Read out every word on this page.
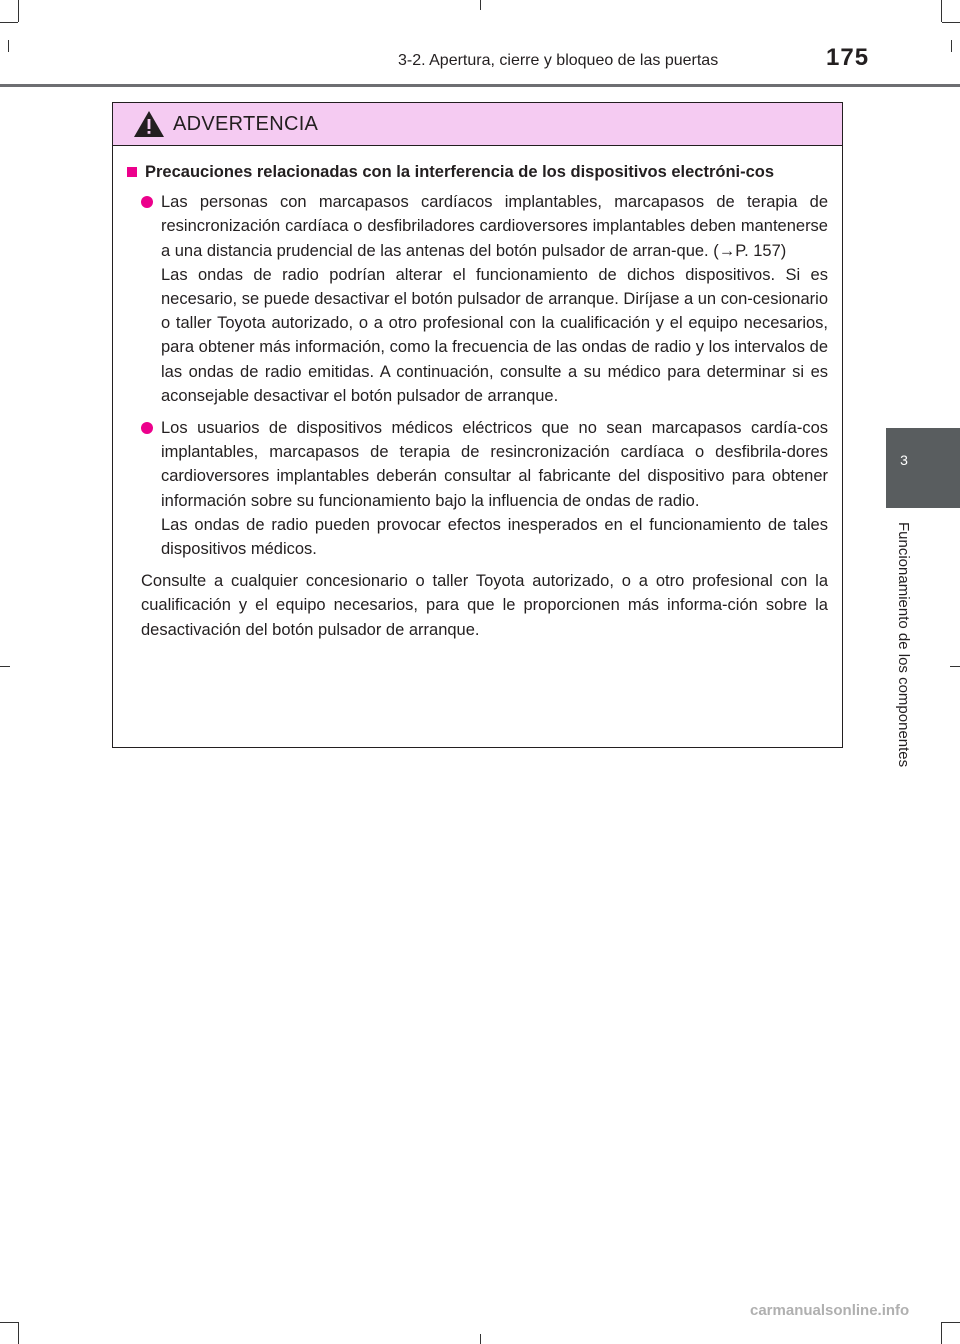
3-2. Apertura, cierre y bloqueo de las puertas	175
3
Funcionamiento de los componentes
ADVERTENCIA
Precauciones relacionadas con la interferencia de los dispositivos electróni-cos

Las personas con marcapasos cardíacos implantables, marcapasos de terapia de resincronización cardíaca o desfibriladores cardioversores implantables deben mantenerse a una distancia prudencial de las antenas del botón pulsador de arran-que. (→P. 157)

Las ondas de radio podrían alterar el funcionamiento de dichos dispositivos. Si es necesario, se puede desactivar el botón pulsador de arranque. Diríjase a un con-cesionario o taller Toyota autorizado, o a otro profesional con la cualificación y el equipo necesarios, para obtener más información, como la frecuencia de las ondas de radio y los intervalos de las ondas de radio emitidas. A continuación, consulte a su médico para determinar si es aconsejable desactivar el botón pulsador de arranque.

Los usuarios de dispositivos médicos eléctricos que no sean marcapasos cardía-cos implantables, marcapasos de terapia de resincronización cardíaca o desfibrila-dores cardioversores implantables deberán consultar al fabricante del dispositivo para obtener información sobre su funcionamiento bajo la influencia de ondas de radio.

Las ondas de radio pueden provocar efectos inesperados en el funcionamiento de tales dispositivos médicos.

Consulte a cualquier concesionario o taller Toyota autorizado, o a otro profesional con la cualificación y el equipo necesarios, para que le proporcionen más informa-ción sobre la desactivación del botón pulsador de arranque.
carmanualsonline.info
